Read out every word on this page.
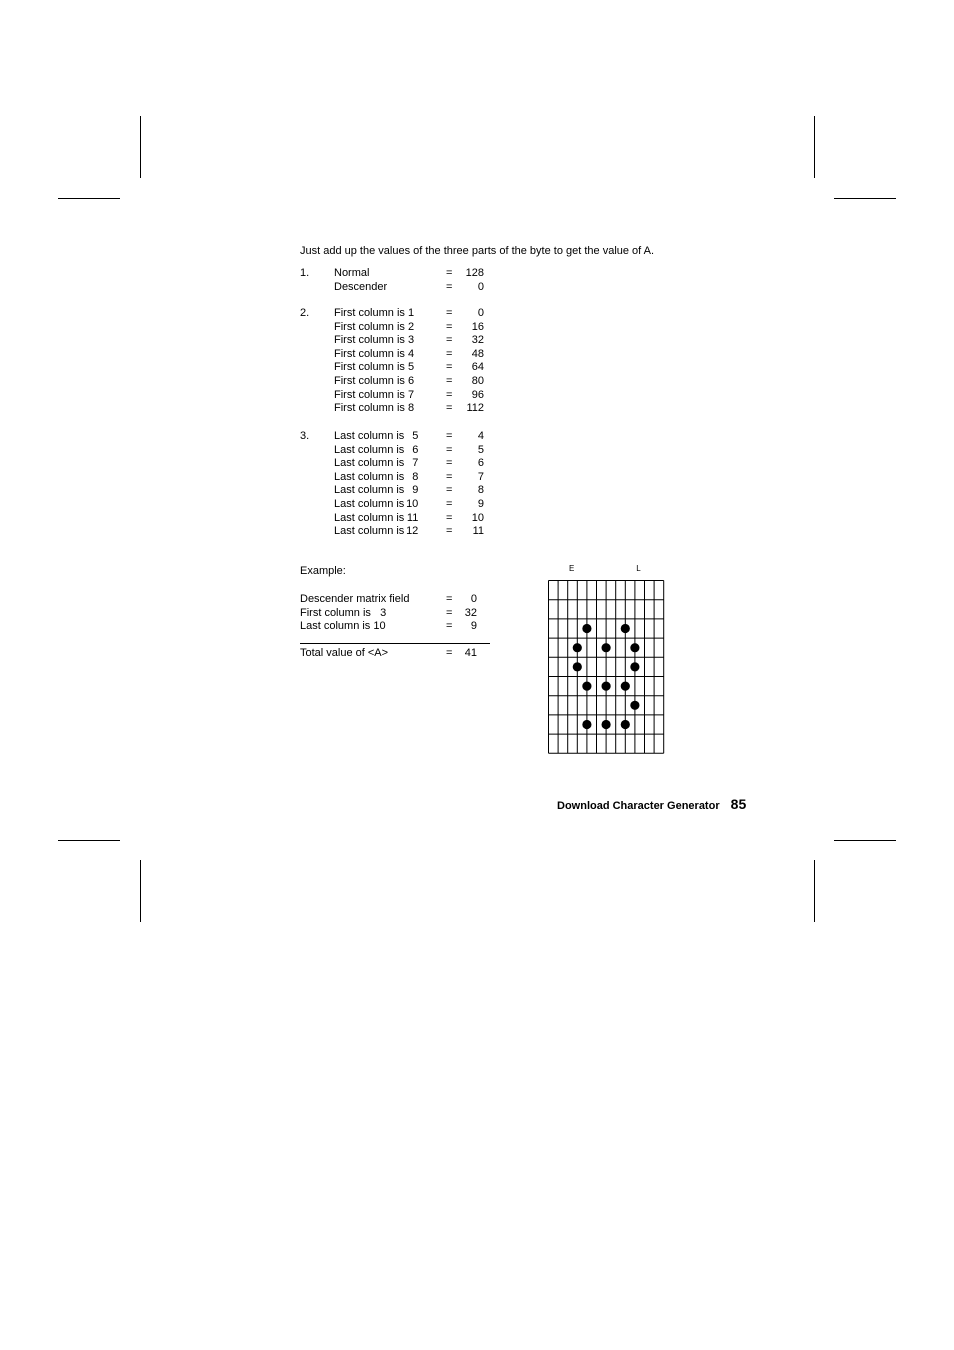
Just add up the values of the three parts of the byte to get the value of A.
1. Normal	=	128
Descender	=	0
2. First column is 1	=	0
First column is 2	=	16
First column is 3	=	32
First column is 4	=	48
First column is 5	=	64
First column is 6	=	80
First column is 7	=	96
First column is 8	=	112
3. Last column is 5	=	4
Last column is 6	=	5
Last column is 7	=	6
Last column is 8	=	7
Last column is 9	=	8
Last column is 10	=	9
Last column is 11	=	10
Last column is 12	=	11
Example:
Descender matrix field	= 0
First column is   3	= 32
Last column is 10	= 9
Total value of <A>	= 41
E	L
Download Character Generator 85
